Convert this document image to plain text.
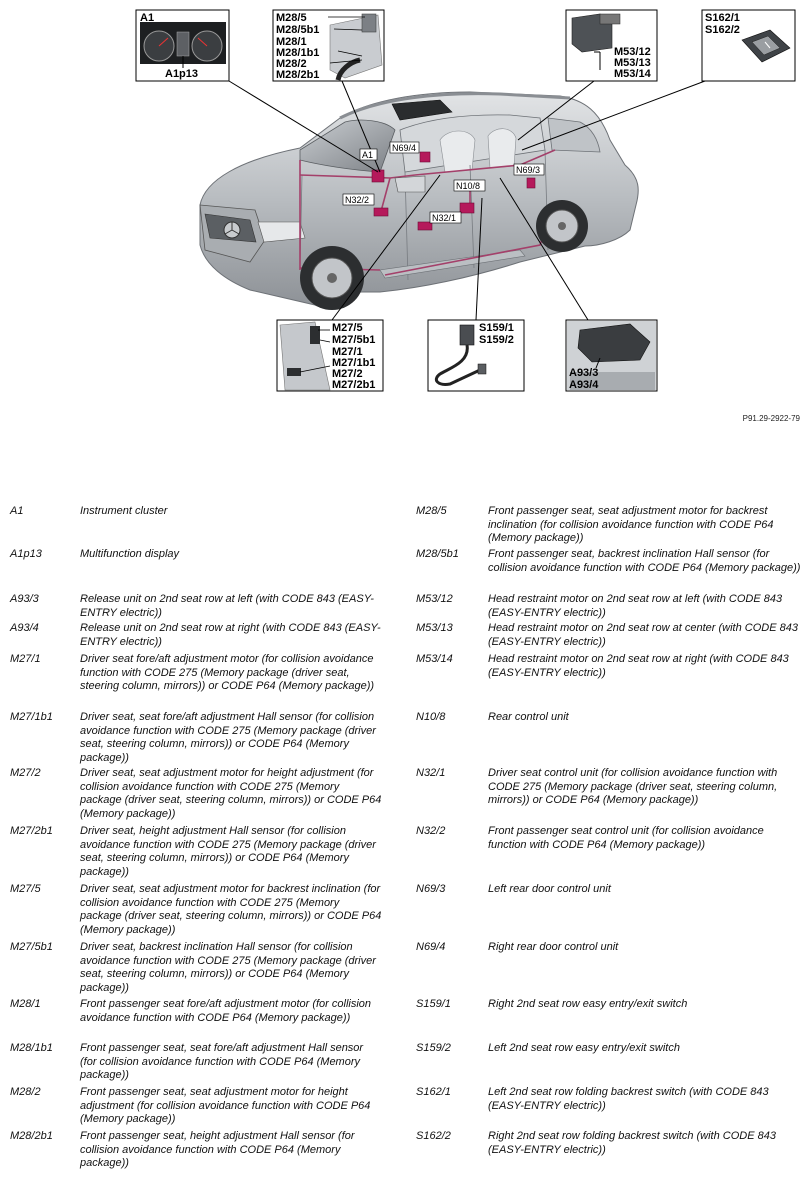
A1
A1p13
M28/5
M28/5b1
M28/1
M28/1b1
M28/2
M28/2b1
M53/12
M53/13
M53/14
S162/1
S162/2
M27/5
M27/5b1
M27/1
M27/1b1
M27/2
M27/2b1
S159/1
S159/2
A93/3
A93/4
A1
N69/4
N69/3
N10/8
N32/2
N32/1
P91.29-2922-79
A1	Instrument cluster
A1p13	Multifunction display
A93/3	Release unit on 2nd seat row at left (with CODE 843 (EASY-ENTRY electric))
A93/4	Release unit on 2nd seat row at right (with CODE 843 (EASY-ENTRY electric))
M27/1	Driver seat fore/aft adjustment motor (for collision avoidance function with CODE 275 (Memory package (driver seat, steering column, mirrors)) or CODE P64 (Memory package))
M27/1b1	Driver seat, seat fore/aft adjustment Hall sensor (for collision avoidance function with CODE 275 (Memory package (driver seat, steering column, mirrors)) or CODE P64 (Memory package))
M27/2	Driver seat, seat adjustment motor for height adjustment (for collision avoidance function with CODE 275 (Memory package (driver seat, steering column, mirrors)) or CODE P64 (Memory package))
M27/2b1	Driver seat, height adjustment Hall sensor (for collision avoidance function with CODE 275 (Memory package (driver seat, steering column, mirrors)) or CODE P64 (Memory package))
M27/5	Driver seat, seat adjustment motor for backrest inclination (for collision avoidance function with CODE 275 (Memory package (driver seat, steering column, mirrors)) or CODE P64 (Memory package))
M27/5b1	Driver seat, backrest inclination Hall sensor (for collision avoidance function with CODE 275 (Memory package (driver seat, steering column, mirrors)) or CODE P64 (Memory package))
M28/1	Front passenger seat fore/aft adjustment motor (for collision avoidance function with CODE P64 (Memory package))
M28/1b1	Front passenger seat, seat fore/aft adjustment Hall sensor (for collision avoidance function with CODE P64 (Memory package))
M28/2	Front passenger seat, seat adjustment motor for height adjustment (for collision avoidance function with CODE P64 (Memory package))
M28/2b1	Front passenger seat, height adjustment Hall sensor (for collision avoidance function with CODE P64 (Memory package))
M28/5	Front passenger seat, seat adjustment motor for backrest inclination (for collision avoidance function with CODE P64 (Memory package))
M28/5b1	Front passenger seat, backrest inclination Hall sensor (for collision avoidance function with CODE P64 (Memory package))
M53/12	Head restraint motor on 2nd seat row at left (with CODE 843 (EASY-ENTRY electric))
M53/13	Head restraint motor on 2nd seat row at center (with CODE 843 (EASY-ENTRY electric))
M53/14	Head restraint motor on 2nd seat row at right (with CODE 843 (EASY-ENTRY electric))
N10/8	Rear control unit
N32/1	Driver seat control unit (for collision avoidance function with CODE 275 (Memory package (driver seat, steering column, mirrors)) or CODE P64 (Memory package))
N32/2	Front passenger seat control unit (for collision avoidance function with CODE P64 (Memory package))
N69/3	Left rear door control unit
N69/4	Right rear door control unit
S159/1	Right 2nd seat row easy entry/exit switch
S159/2	Left 2nd seat row easy entry/exit switch
S162/1	Left 2nd seat row folding backrest switch (with CODE 843 (EASY-ENTRY electric))
S162/2	Right 2nd seat row folding backrest switch (with CODE 843 (EASY-ENTRY electric))
